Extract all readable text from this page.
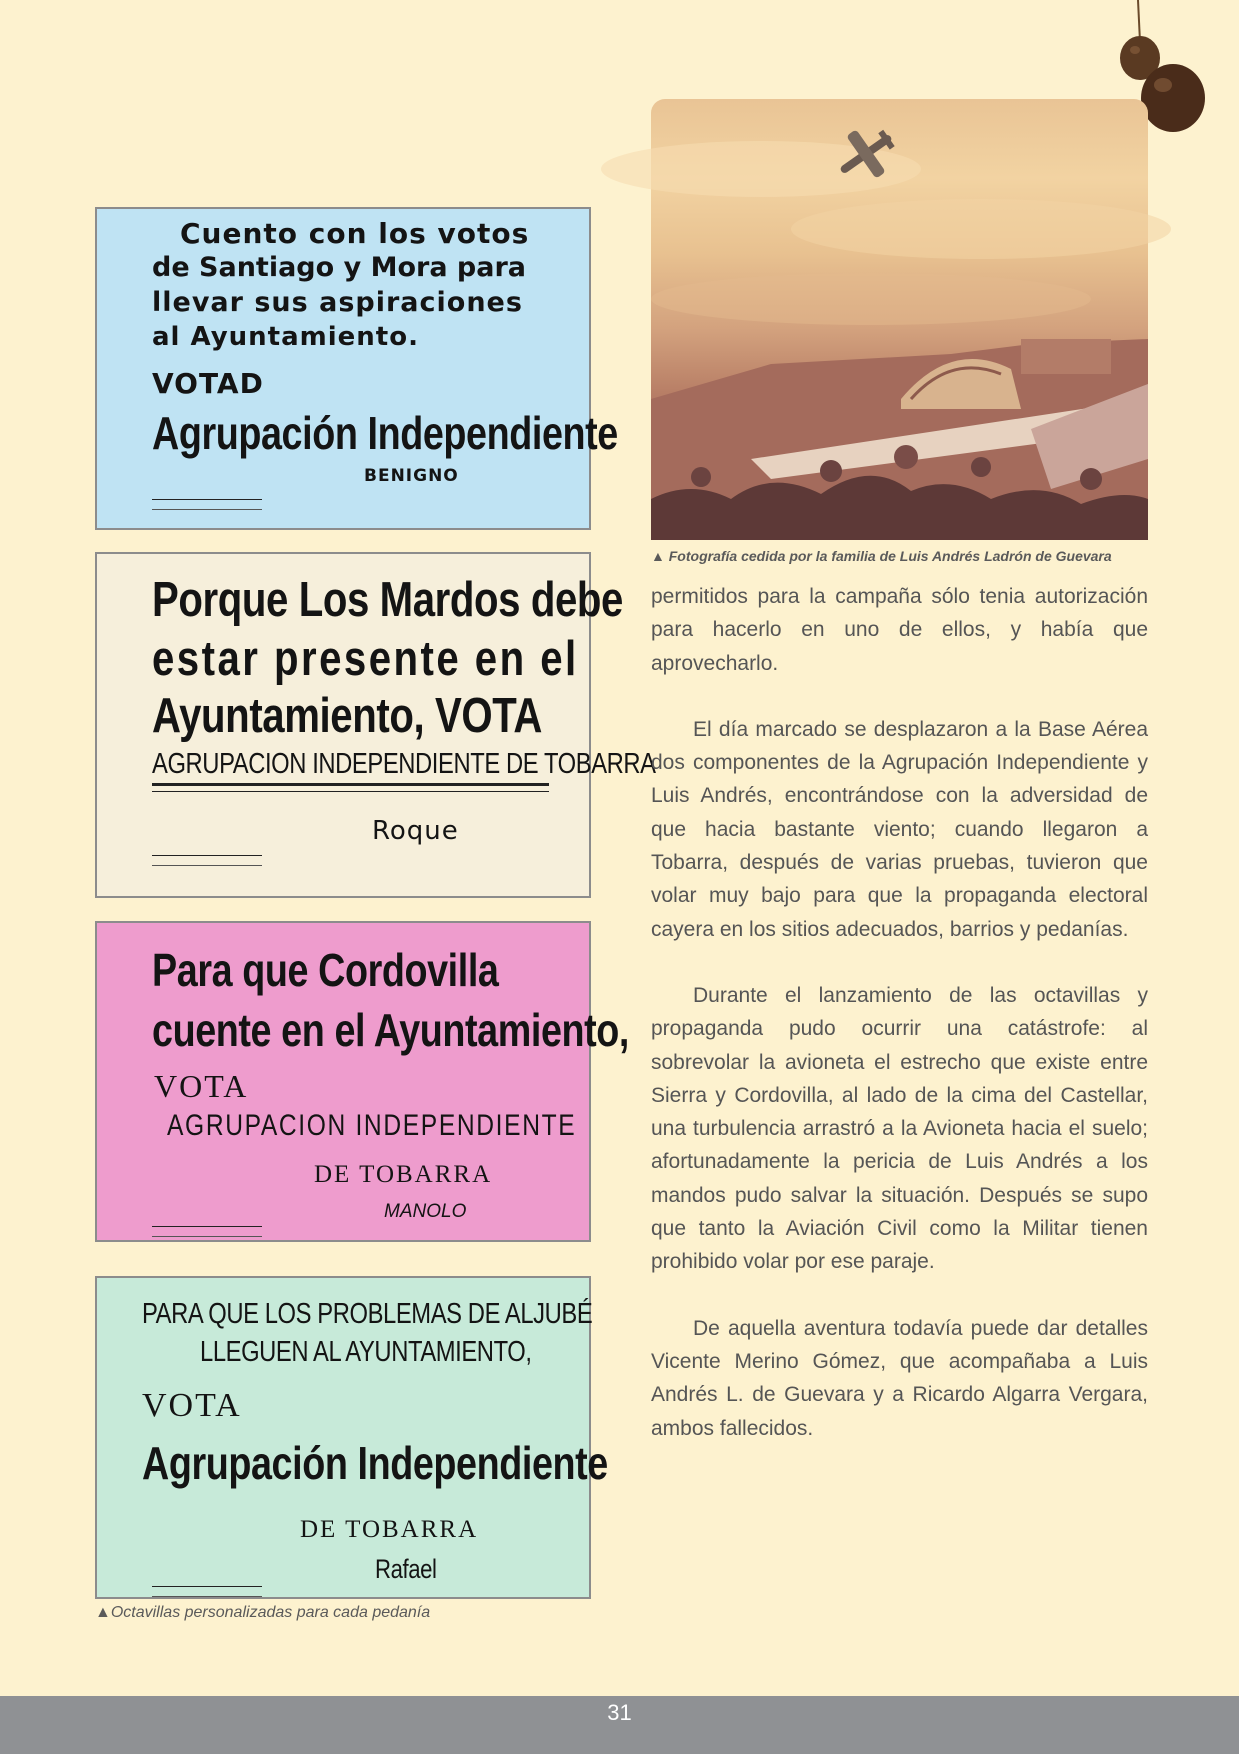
Cuento con los votos
de Santiago y Mora para
llevar sus aspiraciones
al Ayuntamiento.
VOTAD
Agrupación Independiente
BENIGNO
Porque Los Mardos debe
estar presente en el
Ayuntamiento, VOTA
AGRUPACION INDEPENDIENTE DE TOBARRA
Roque
Para que Cordovilla
cuente en el Ayuntamiento,
VOTA
AGRUPACION INDEPENDIENTE
DE TOBARRA
MANOLO
PARA QUE LOS PROBLEMAS DE ALJUBÉ
LLEGUEN AL AYUNTAMIENTO,
VOTA
Agrupación Independiente
DE TOBARRA
Rafael
▲Octavillas personalizadas para cada pedanía
▲ Fotografía cedida por la familia de Luis Andrés Ladrón de Guevara

permitidos para la campaña sólo tenia autorización para hacerlo en uno de ellos, y había que aprovecharlo.

El día marcado se desplazaron a la Base Aérea dos componentes de la Agrupación Independiente y Luis Andrés, encontrándose con la adversidad de que hacia bastante viento; cuando llegaron a Tobarra, después de varias pruebas, tuvieron que volar muy bajo para que la propaganda electoral cayera en los sitios adecuados, barrios y pedanías.

Durante el lanzamiento de las octavillas y propaganda pudo ocurrir una catástrofe: al sobrevolar la avioneta el estrecho que existe entre Sierra y Cordovilla, al lado de la cima del Castellar, una turbulencia arrastró a la Avioneta hacia el suelo; afortunadamente la pericia de Luis Andrés a los mandos pudo salvar la situación. Después se supo que tanto la Aviación Civil como la Militar tienen prohibido volar por ese paraje.

De aquella aventura todavía puede dar detalles Vicente Merino Gómez, que acompañaba a Luis Andrés L. de Guevara y a Ricardo Algarra Vergara, ambos fallecidos.

31
